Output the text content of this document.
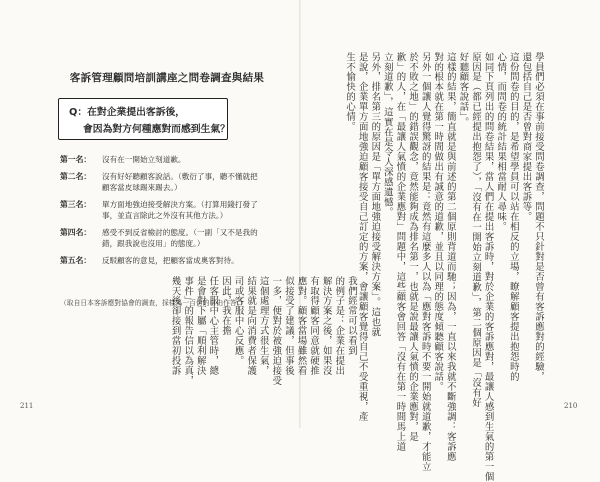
客訴管理顧問培訓講座之問卷調查與結果
Q：在對企業提出客訴後，
會因為對方何種應對而感到生氣？
第一名： 沒有在一開始立刻道歉。
第二名： 沒有好好聽顧客說話。（敷衍了事，聽不懂就把
顧客當皮球踢來踢去。）
第三名： 單方面地強迫接受解決方案。（打算用錢打發了
事，並直言除此之外沒有其他方法。）
第四名： 感受不到反省檢討的態度。（一副「又不是我的
錯，跟我說也沒用」的態度。）
第五名： 反駁顧客的意見，把顧客當成奧客對待。
（取自日本客訴應對協會的調查，採樣為一百份的自由作答。）	我們經常可以看到
的例子是：企業在提出
解決方案之後，如果沒
有取得顧客同意就硬推
應對。顧客當場雖然看
似接受了建議，但事後
一多，便對於被強迫接受
這個處理方式很生氣，
結果就是向消費者保護
司或客服中心反應。
因此，我在擔
任客服中心主管時，總
是會對下屬「順利解決
事件」的報告信以為真，
幾天後卻接到當初投訴
211
學員們必須在事前接受問卷調查，問題不只針對是否曾有客訴應對的經驗，
還包括自己是否曾對商家提出客訴等。
這份問卷的目的，是希望學員可以站在相反的立場，瞭解顧客提出抱怨時的
心情，而問卷的統計結果相當耐人尋味。
如同下頁列出的問卷結果，當人們在提出客訴時，對於企業的客訴應對，最讓人感到生氣的第一個
原因是（都已經提出抱怨了），「沒有在一開始立刻道歉」，第二個原因是「沒有好
好聽顧客說話」。
這樣的結果，簡直就是與前述的第二個原則背道而馳；因為，一直以來我就不斷強調：客訴應
對的根本就在第一時間做出有誠意的道歉，並且以同理的態度傾聽顧客說話。
另外一個讓人覺得驚訝的結果是：竟然有這麼多人以為「應對客訴時不要一開始就道歉，才能立
於不敗之地」的錯誤觀念，竟然能夠成為排名第一，也就是說最讓人氣憤的企業應對，是
歉」的人，在「最讓人氣憤的企業應對」問題中，這些顧客會回答「沒有在第一時間馬上道
立刻道歉」，這實在是令人深感遺憾。
另外，排名第三的原因是「單方面地強迫接受解決方案」。這也就
是說，企業單方面地強迫顧客接受自己訂定的方案，會讓顧客覺得自己不受重視，產
生不愉快的心情。
210
